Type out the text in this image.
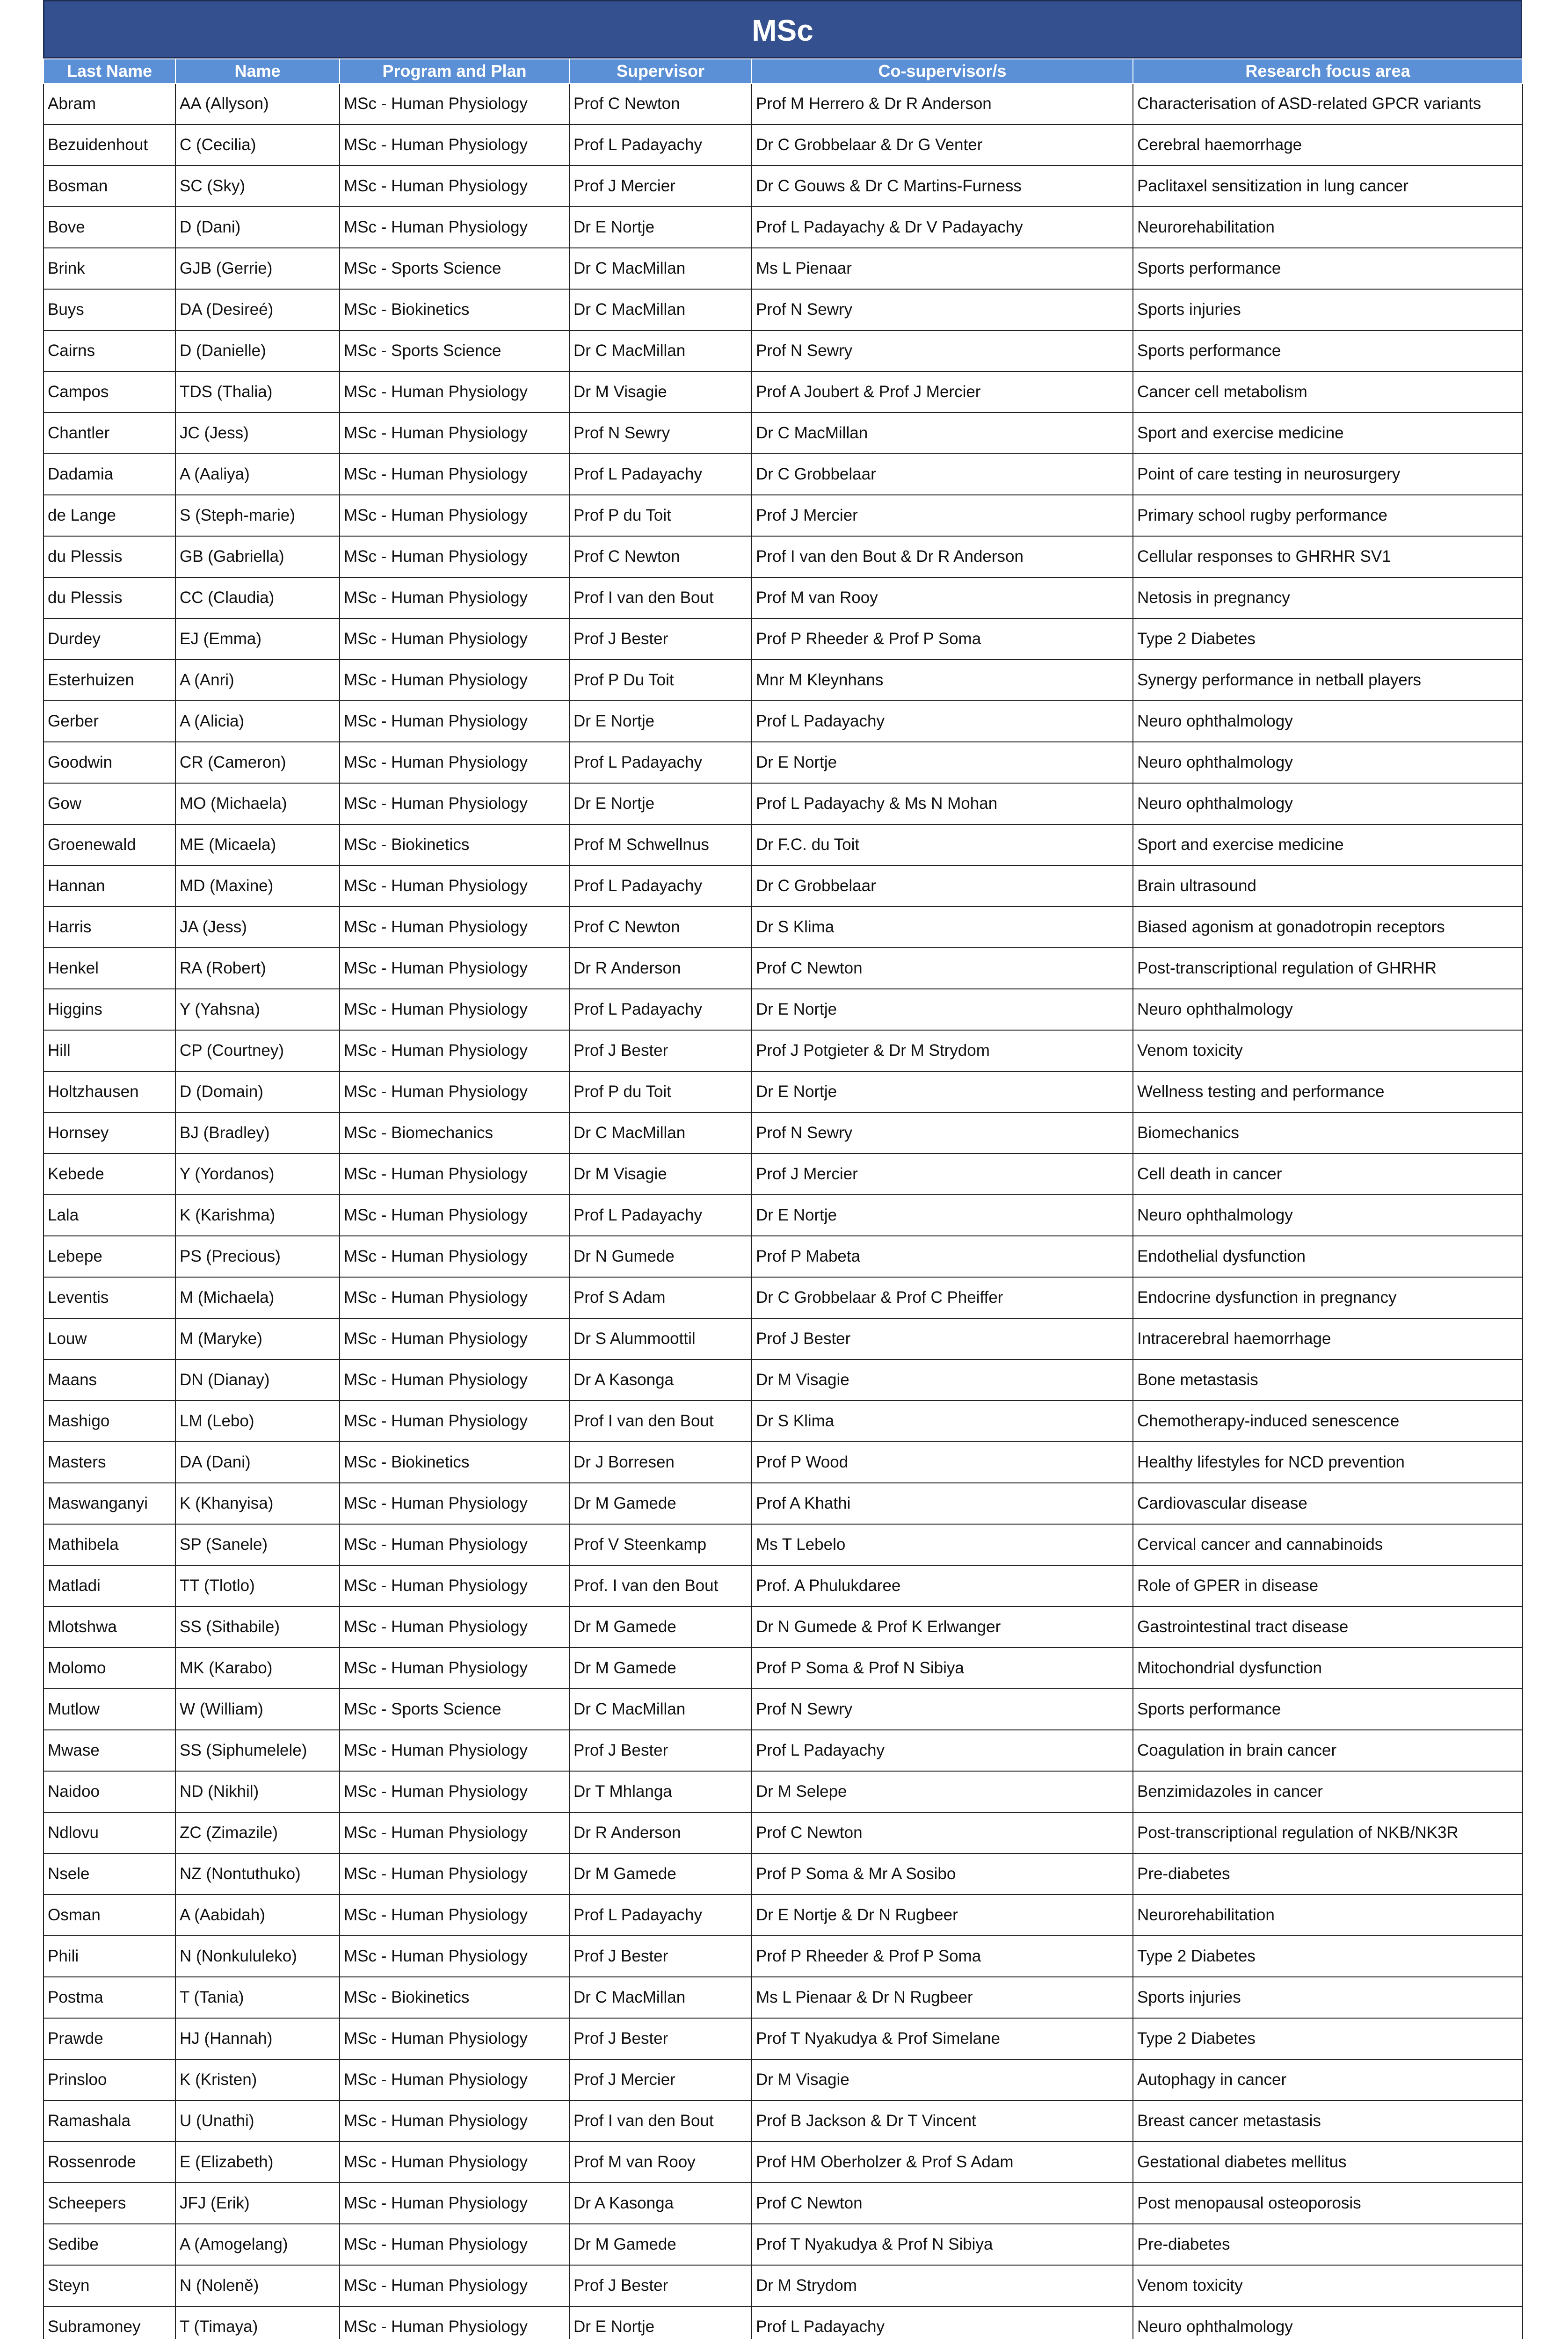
MSc
Last Name	Name	Program and Plan	Supervisor	Co-supervisor/s	Research focus area
Abram	AA (Allyson)	MSc - Human Physiology	Prof C Newton	Prof M Herrero & Dr R Anderson	Characterisation of ASD-related GPCR variants
Bezuidenhout	C (Cecilia)	MSc - Human Physiology	Prof L Padayachy	Dr C Grobbelaar & Dr G Venter	Cerebral haemorrhage
Bosman	SC (Sky)	MSc - Human Physiology	Prof J Mercier	Dr C Gouws & Dr C Martins-Furness	Paclitaxel sensitization in lung cancer
Bove	D (Dani)	MSc - Human Physiology	Dr E Nortje	Prof L Padayachy & Dr V Padayachy	Neurorehabilitation
Brink	GJB (Gerrie)	MSc - Sports Science	Dr C MacMillan	Ms L Pienaar	Sports performance
Buys	DA (Desireé)	MSc - Biokinetics	Dr C MacMillan	Prof N Sewry	Sports injuries
Cairns	D (Danielle)	MSc - Sports Science	Dr C MacMillan	Prof N Sewry	Sports performance
Campos	TDS (Thalia)	MSc - Human Physiology	Dr M Visagie	Prof A Joubert & Prof J Mercier	Cancer cell metabolism
Chantler	JC (Jess)	MSc - Human Physiology	Prof N Sewry	Dr C MacMillan	Sport and exercise medicine
Dadamia	A (Aaliya)	MSc - Human Physiology	Prof L Padayachy	Dr C Grobbelaar	Point of care testing in neurosurgery
de Lange	S (Steph-marie)	MSc - Human Physiology	Prof P du Toit	Prof J Mercier	Primary school rugby performance
du Plessis	GB (Gabriella)	MSc - Human Physiology	Prof C Newton	Prof I van den Bout & Dr R Anderson	Cellular responses to GHRHR SV1
du Plessis	CC (Claudia)	MSc - Human Physiology	Prof I van den Bout	Prof M van Rooy	Netosis in pregnancy
Durdey	EJ (Emma)	MSc - Human Physiology	Prof J Bester	Prof P Rheeder & Prof P Soma	Type 2 Diabetes
Esterhuizen	A (Anri)	MSc - Human Physiology	Prof P Du Toit	Mnr M Kleynhans	Synergy performance in netball players
Gerber	A (Alicia)	MSc - Human Physiology	Dr E Nortje	Prof L Padayachy	Neuro ophthalmology
Goodwin	CR (Cameron)	MSc - Human Physiology	Prof L Padayachy	Dr E Nortje	Neuro ophthalmology
Gow	MO (Michaela)	MSc - Human Physiology	Dr E Nortje	Prof L Padayachy & Ms N Mohan	Neuro ophthalmology
Groenewald	ME (Micaela)	MSc - Biokinetics	Prof M Schwellnus	Dr F.C. du Toit	Sport and exercise medicine
Hannan	MD (Maxine)	MSc - Human Physiology	Prof L Padayachy	Dr C Grobbelaar	Brain ultrasound
Harris	JA (Jess)	MSc - Human Physiology	Prof C Newton	Dr S Klima	Biased agonism at gonadotropin receptors
Henkel	RA (Robert)	MSc - Human Physiology	Dr R Anderson	Prof C Newton	Post-transcriptional regulation of GHRHR
Higgins	Y (Yahsna)	MSc - Human Physiology	Prof L Padayachy	Dr E Nortje	Neuro ophthalmology
Hill	CP (Courtney)	MSc - Human Physiology	Prof J Bester	Prof J Potgieter & Dr M Strydom	Venom toxicity
Holtzhausen	D (Domain)	MSc - Human Physiology	Prof P du Toit	Dr E Nortje	Wellness testing and performance
Hornsey	BJ (Bradley)	MSc - Biomechanics	Dr C MacMillan	Prof N Sewry	Biomechanics
Kebede	Y (Yordanos)	MSc - Human Physiology	Dr M Visagie	Prof J Mercier	Cell death in cancer
Lala	K (Karishma)	MSc - Human Physiology	Prof L Padayachy	Dr E Nortje	Neuro ophthalmology
Lebepe	PS (Precious)	MSc - Human Physiology	Dr N Gumede	Prof P Mabeta	Endothelial dysfunction
Leventis	M (Michaela)	MSc - Human Physiology	Prof S Adam	Dr C Grobbelaar & Prof C Pheiffer	Endocrine dysfunction in pregnancy
Louw	M (Maryke)	MSc - Human Physiology	Dr S Alummoottil	Prof J Bester	Intracerebral haemorrhage
Maans	DN (Dianay)	MSc - Human Physiology	Dr A Kasonga	Dr M Visagie	Bone metastasis
Mashigo	LM (Lebo)	MSc - Human Physiology	Prof I van den Bout	Dr S Klima	Chemotherapy-induced senescence
Masters	DA (Dani)	MSc - Biokinetics	Dr J Borresen	Prof P Wood	Healthy lifestyles for NCD prevention
Maswanganyi	K (Khanyisa)	MSc - Human Physiology	Dr M Gamede	Prof A Khathi	Cardiovascular disease
Mathibela	SP (Sanele)	MSc - Human Physiology	Prof V Steenkamp	Ms T Lebelo	Cervical cancer and cannabinoids
Matladi	TT (Tlotlo)	MSc - Human Physiology	Prof. I van den Bout	Prof. A Phulukdaree	Role of GPER in disease
Mlotshwa	SS (Sithabile)	MSc - Human Physiology	Dr M Gamede	Dr N Gumede & Prof K Erlwanger	Gastrointestinal tract disease
Molomo	MK (Karabo)	MSc - Human Physiology	Dr M Gamede	Prof P Soma & Prof N Sibiya	Mitochondrial dysfunction
Mutlow	W (William)	MSc - Sports Science	Dr C MacMillan	Prof N Sewry	Sports performance
Mwase	SS (Siphumelele)	MSc - Human Physiology	Prof J Bester	Prof L Padayachy	Coagulation in brain cancer
Naidoo	ND (Nikhil)	MSc - Human Physiology	Dr T Mhlanga	Dr M Selepe	Benzimidazoles in cancer
Ndlovu	ZC (Zimazile)	MSc - Human Physiology	Dr R Anderson	Prof C Newton	Post-transcriptional regulation of NKB/NK3R
Nsele	NZ (Nontuthuko)	MSc - Human Physiology	Dr M Gamede	Prof P Soma & Mr A Sosibo	Pre-diabetes
Osman	A (Aabidah)	MSc - Human Physiology	Prof L Padayachy	Dr E Nortje & Dr N Rugbeer	Neurorehabilitation
Phili	N (Nonkululeko)	MSc - Human Physiology	Prof J Bester	Prof P Rheeder & Prof P Soma	Type 2 Diabetes
Postma	T (Tania)	MSc - Biokinetics	Dr C MacMillan	Ms L Pienaar & Dr N Rugbeer	Sports injuries
Prawde	HJ (Hannah)	MSc - Human Physiology	Prof J Bester	Prof T Nyakudya & Prof Simelane	Type 2 Diabetes
Prinsloo	K (Kristen)	MSc - Human Physiology	Prof J Mercier	Dr M Visagie	Autophagy in cancer
Ramashala	U (Unathi)	MSc - Human Physiology	Prof I van den Bout	Prof B Jackson & Dr T Vincent	Breast cancer metastasis
Rossenrode	E (Elizabeth)	MSc - Human Physiology	Prof M van Rooy	Prof HM Oberholzer & Prof S Adam	Gestational diabetes mellitus
Scheepers	JFJ (Erik)	MSc - Human Physiology	Dr A Kasonga	Prof C Newton	Post menopausal osteoporosis
Sedibe	A (Amogelang)	MSc - Human Physiology	Dr M Gamede	Prof T Nyakudya & Prof N Sibiya	Pre-diabetes
Steyn	N (Noleně)	MSc - Human Physiology	Prof J Bester	Dr M Strydom	Venom toxicity
Subramoney	T (Timaya)	MSc - Human Physiology	Dr E Nortje	Prof L Padayachy	Neuro ophthalmology
